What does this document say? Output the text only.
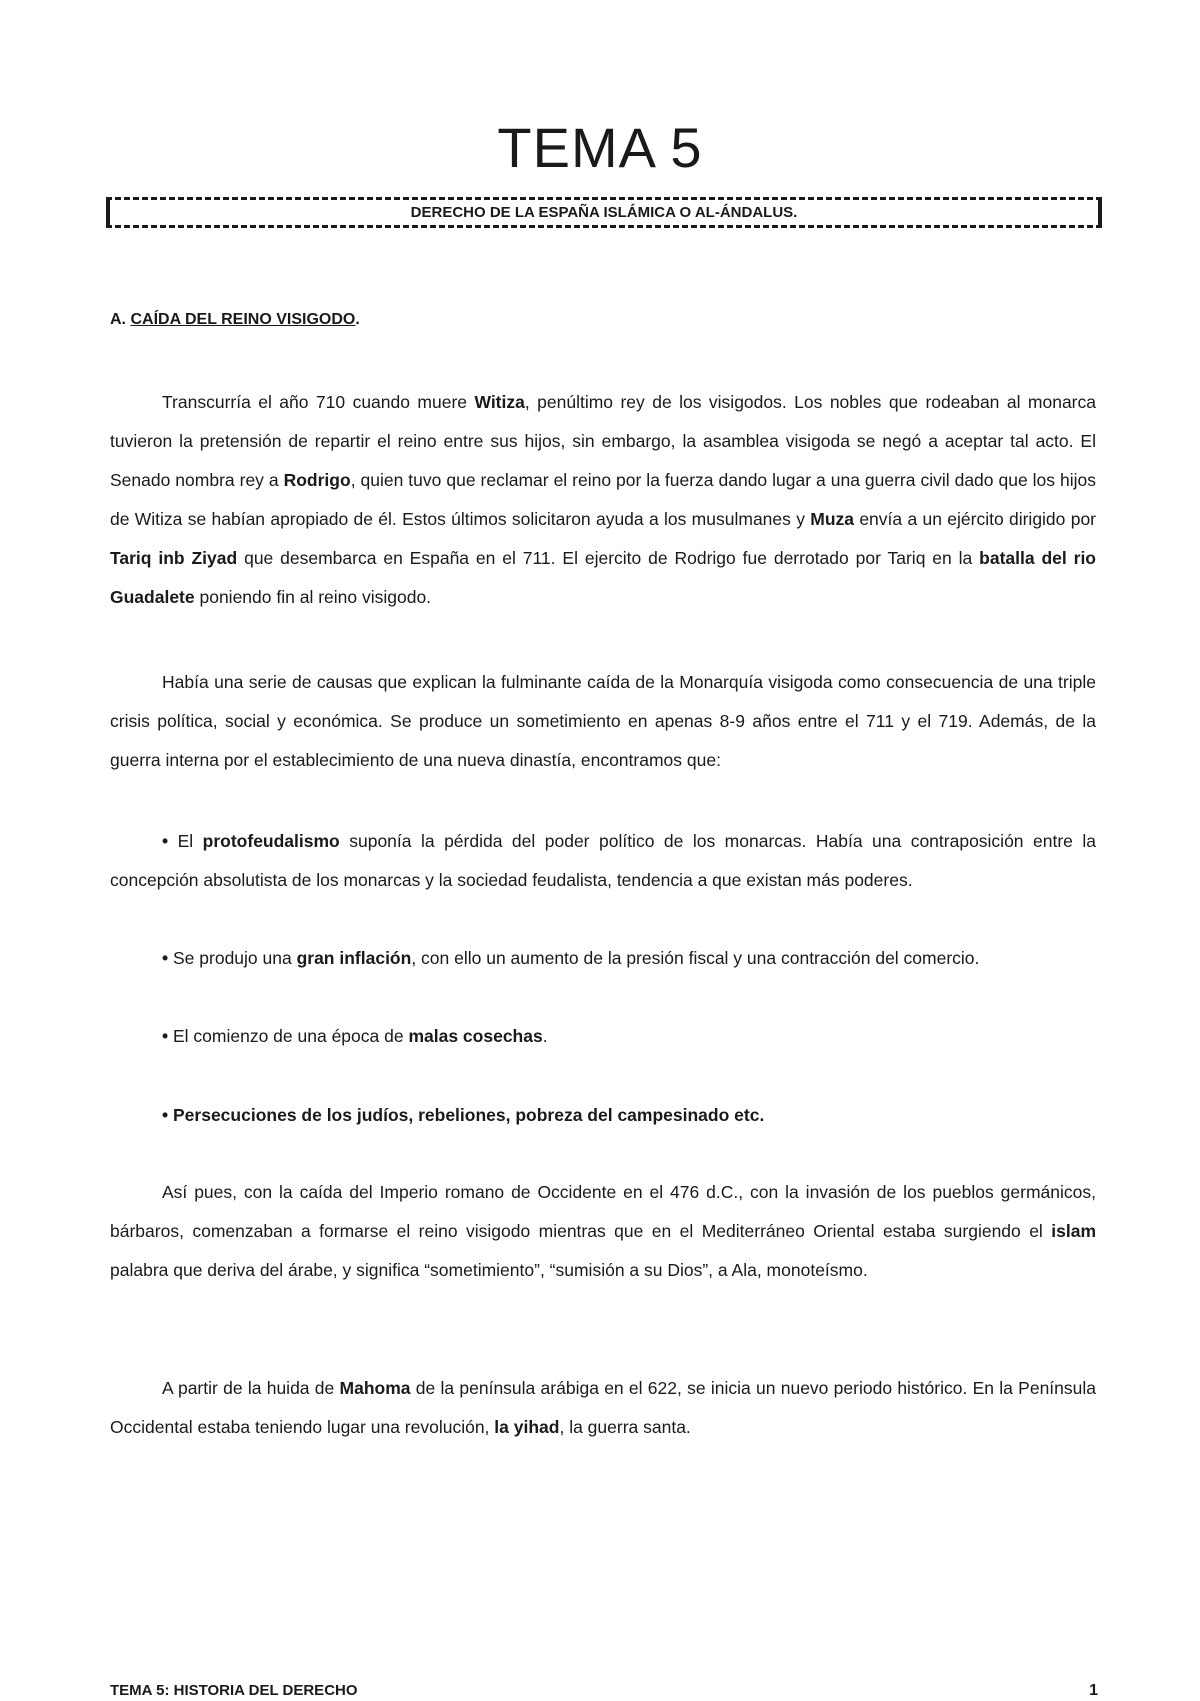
TEMA 5
DERECHO DE LA ESPAÑA ISLÁMICA O AL-ÁNDALUS.
A. CAÍDA DEL REINO VISIGODO.
Transcurría el año 710 cuando muere Witiza, penúltimo rey de los visigodos. Los nobles que rodeaban al monarca tuvieron la pretensión de repartir el reino entre sus hijos, sin embargo, la asamblea visigoda se negó a aceptar tal acto. El Senado nombra rey a Rodrigo, quien tuvo que reclamar el reino por la fuerza dando lugar a una guerra civil dado que los hijos de Witiza se habían apropiado de él. Estos últimos solicitaron ayuda a los musulmanes y Muza envía a un ejército dirigido por Tariq inb Ziyad que desembarca en España en el 711. El ejercito de Rodrigo fue derrotado por Tariq en la batalla del rio Guadalete poniendo fin al reino visigodo.
Había una serie de causas que explican la fulminante caída de la Monarquía visigoda como consecuencia de una triple crisis política, social y económica. Se produce un sometimiento en apenas 8-9 años entre el 711 y el 719. Además, de la guerra interna por el establecimiento de una nueva dinastía, encontramos que:
• El protofeudalismo suponía la pérdida del poder político de los monarcas. Había una contraposición entre la concepción absolutista de los monarcas y la sociedad feudalista, tendencia a que existan más poderes.
• Se produjo una gran inflación, con ello un aumento de la presión fiscal y una contracción del comercio.
• El comienzo de una época de malas cosechas.
• Persecuciones de los judíos, rebeliones, pobreza del campesinado etc.
Así pues, con la caída del Imperio romano de Occidente en el 476 d.C., con la invasión de los pueblos germánicos, bárbaros, comenzaban a formarse el reino visigodo mientras que en el Mediterráneo Oriental estaba surgiendo el islam palabra que deriva del árabe, y significa “sometimiento”, “sumisión a su Dios”, a Ala, monoteísmo.
A partir de la huida de Mahoma de la península arábiga en el 622, se inicia un nuevo periodo histórico. En la Península Occidental estaba teniendo lugar una revolución, la yihad, la guerra santa.
TEMA 5: HISTORIA DEL DERECHO	1
